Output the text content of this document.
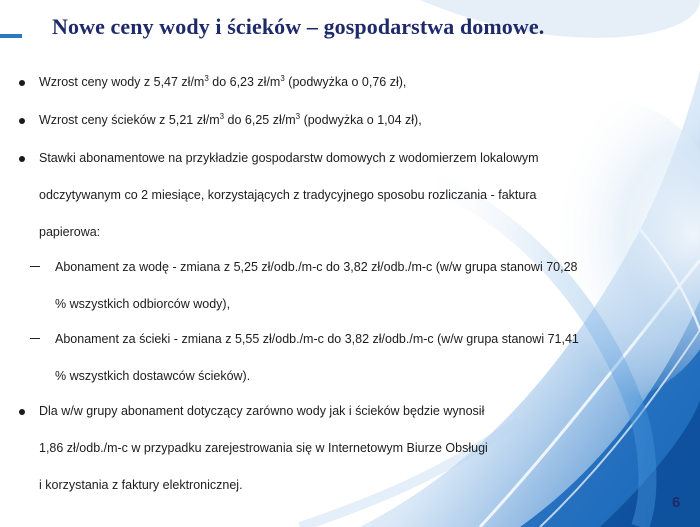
Nowe ceny wody i ścieków – gospodarstwa domowe.
Wzrost ceny wody z 5,47 $zł/m^3$ do 6,23 $zł/m^3$ (podwyżka o 0,76 zł),
Wzrost ceny ścieków z 5,21 $zł/m^3$ do 6,25 $zł/m^3$ (podwyżka o 1,04 zł),
Stawki abonamentowe na przykładzie gospodarstw domowych z wodomierzem lokalowym
odczytywanym co 2 miesiące, korzystających z tradycyjnego sposobu rozliczania - faktura
papierowa:
Abonament za wodę - zmiana z 5,25 zł/odb./m-c do 3,82 zł/odb./m-c (w/w grupa stanowi 70,28
% wszystkich odbiorców wody),
Abonament za ścieki - zmiana z 5,55 zł/odb./m-c do 3,82 zł/odb./m-c (w/w grupa stanowi 71,41
% wszystkich dostawców ścieków).
Dla w/w grupy abonament dotyczący zarówno wody jak i ścieków będzie wynosił
1,86 zł/odb./m-c w przypadku zarejestrowania się w Internetowym Biurze Obsługi
i korzystania z faktury elektronicznej.
6
